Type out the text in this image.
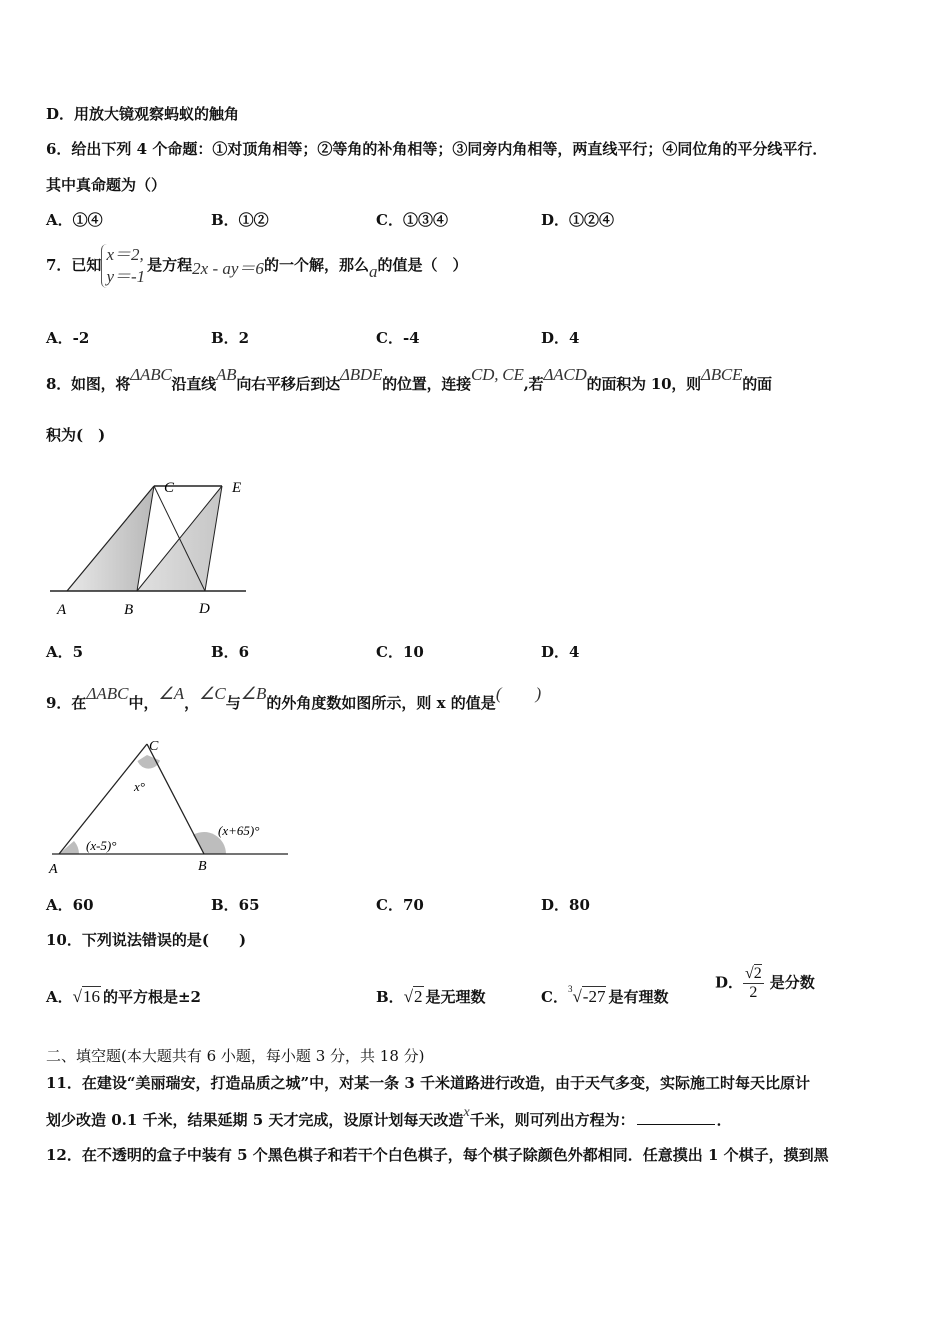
D．用放大镜观察蚂蚁的触角
6．给出下列 4 个命题：①对顶角相等；②等角的补角相等；③同旁内角相等，两直线平行；④同位角的平分线平行．
其中真命题为（）
A．①④	B．①②	C．①③④	D．①②④
7．已知
x＝2,
y＝-1
是方程2x - ay＝6的一个解，那么a的值是（　）
A．-2	B．2	C．-4	D．4
8．如图，将ΔABC沿直线AB向右平移后到达ΔBDE的位置，连接CD, CE,若ΔACD的面积为 10，则ΔBCE的面
积为(　)
A	B	D
C	E
A．5	B．6	C．10	D．4
9．在ΔABC中，∠A，∠C与∠B的外角度数如图所示，则 x 的值是(　　)
C
x°
(x-5)°
(x+65)°
A	B
A．60	B．65	C．70	D．80
10．下列说法错误的是(　　)
A．√16 的平方根是±2	B．√2 是无理数	C．$^3$√-27 是有理数
D． $\frac{√2}{2}$ 是分数
二、填空题(本大题共有 6 小题，每小题 3 分，共 18 分)
11．在建设“美丽瑞安，打造品质之城”中，对某一条 3 千米道路进行改造，由于天气多变，实际施工时每天比原计
划少改造 0.1 千米，结果延期 5 天才完成，设原计划每天改造x千米，则可列出方程为：	．
12．在不透明的盒子中装有 5 个黑色棋子和若干个白色棋子，每个棋子除颜色外都相同．任意摸出 1 个棋子，摸到黑
